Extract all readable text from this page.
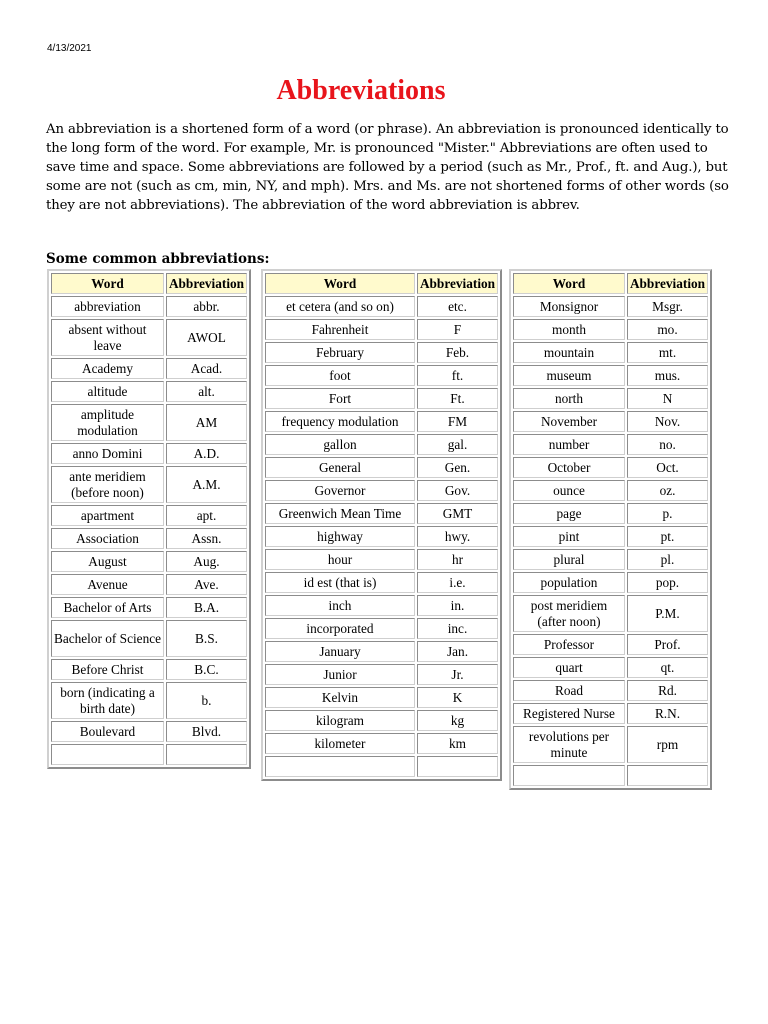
4/13/2021
Abbreviations

An abbreviation is a shortened form of a word (or phrase). An abbreviation is pronounced identically to the long form of the word. For example, Mr. is pronounced "Mister." Abbreviations are often used to save time and space. Some abbreviations are followed by a period (such as Mr., Prof., ft. and Aug.), but some are not (such as cm, min, NY, and mph). Mrs. and Ms. are not shortened forms of other words (so they are not abbreviations). The abbreviation of the word abbreviation is abbrev.

Some common abbreviations:

Word	Abbreviation
abbreviation	abbr.
absent without leave	AWOL
Academy	Acad.
altitude	alt.
amplitude modulation	AM
anno Domini	A.D.
ante meridiem (before noon)	A.M.
apartment	apt.
Association	Assn.
August	Aug.
Avenue	Ave.
Bachelor of Arts	B.A.
Bachelor of Science	B.S.
Before Christ	B.C.
born (indicating a birth date)	b.
Boulevard	Blvd.

Word	Abbreviation
et cetera (and so on)	etc.
Fahrenheit	F
February	Feb.
foot	ft.
Fort	Ft.
frequency modulation	FM
gallon	gal.
General	Gen.
Governor	Gov.
Greenwich Mean Time	GMT
highway	hwy.
hour	hr
id est (that is)	i.e.
inch	in.
incorporated	inc.
January	Jan.
Junior	Jr.
Kelvin	K
kilogram	kg
kilometer	km

Word	Abbreviation
Monsignor	Msgr.
month	mo.
mountain	mt.
museum	mus.
north	N
November	Nov.
number	no.
October	Oct.
ounce	oz.
page	p.
pint	pt.
plural	pl.
population	pop.
post meridiem (after noon)	P.M.
Professor	Prof.
quart	qt.
Road	Rd.
Registered Nurse	R.N.
revolutions per minute	rpm
